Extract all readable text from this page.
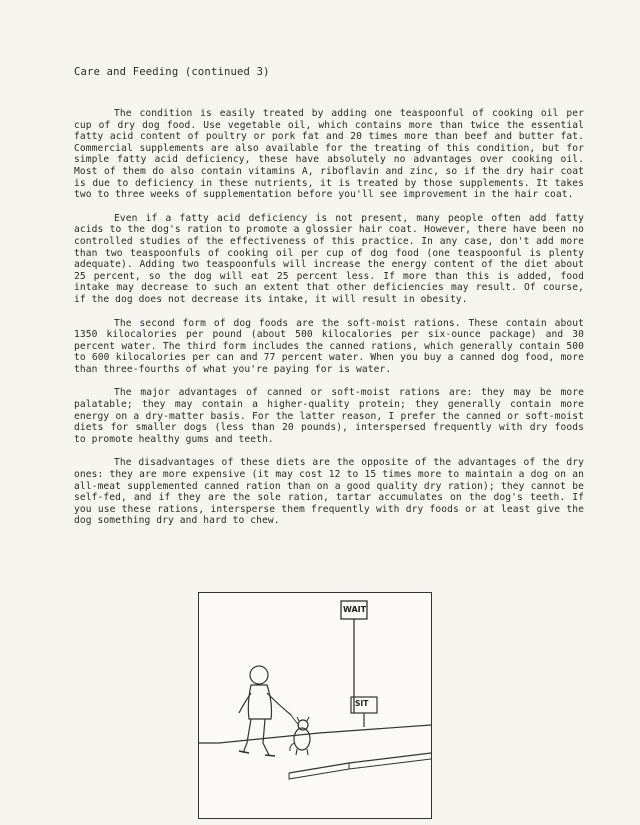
Care and Feeding (continued 3)

The condition is easily treated by adding one teaspoonful of cooking oil per cup of dry dog food. Use vegetable oil, which contains more than twice the essential fatty acid content of poultry or pork fat and 20 times more than beef and butter fat. Commercial supplements are also available for the treating of this condition, but for simple fatty acid deficiency, these have absolutely no advantages over cooking oil. Most of them do also contain vitamins A, riboflavin and zinc, so if the dry hair coat is due to deficiency in these nutrients, it is treated by those supplements. It takes two to three weeks of supplementation before you'll see improvement in the hair coat.

Even if a fatty acid deficiency is not present, many people often add fatty acids to the dog's ration to promote a glossier hair coat. However, there have been no controlled studies of the effectiveness of this practice. In any case, don't add more than two teaspoonfuls of cooking oil per cup of dog food (one teaspoonful is plenty adequate). Adding two teaspoonfuls will increase the energy content of the diet about 25 percent, so the dog will eat 25 percent less. If more than this is added, food intake may decrease to such an extent that other deficiencies may result. Of course, if the dog does not decrease its intake, it will result in obesity.

The second form of dog foods are the soft-moist rations. These contain about 1350 kilocalories per pound (about 500 kilocalories per six-ounce package) and 30 percent water. The third form includes the canned rations, which generally contain 500 to 600 kilocalories per can and 77 percent water. When you buy a canned dog food, more than three-fourths of what you're paying for is water.

The major advantages of canned or soft-moist rations are: they may be more palatable; they may contain a higher-quality protein; they generally contain more energy on a dry-matter basis. For the latter reason, I prefer the canned or soft-moist diets for smaller dogs (less than 20 pounds), interspersed frequently with dry foods to promote healthy gums and teeth.

The disadvantages of these diets are the opposite of the advantages of the dry ones: they are more expensive (it may cost 12 to 15 times more to maintain a dog on an all-meat supplemented canned ration than on a good quality dry ration); they cannot be self-fed, and if they are the sole ration, tartar accumulates on the dog's teeth. If you use these rations, intersperse them frequently with dry foods or at least give the dog something dry and hard to chew.

WAIT
SIT
